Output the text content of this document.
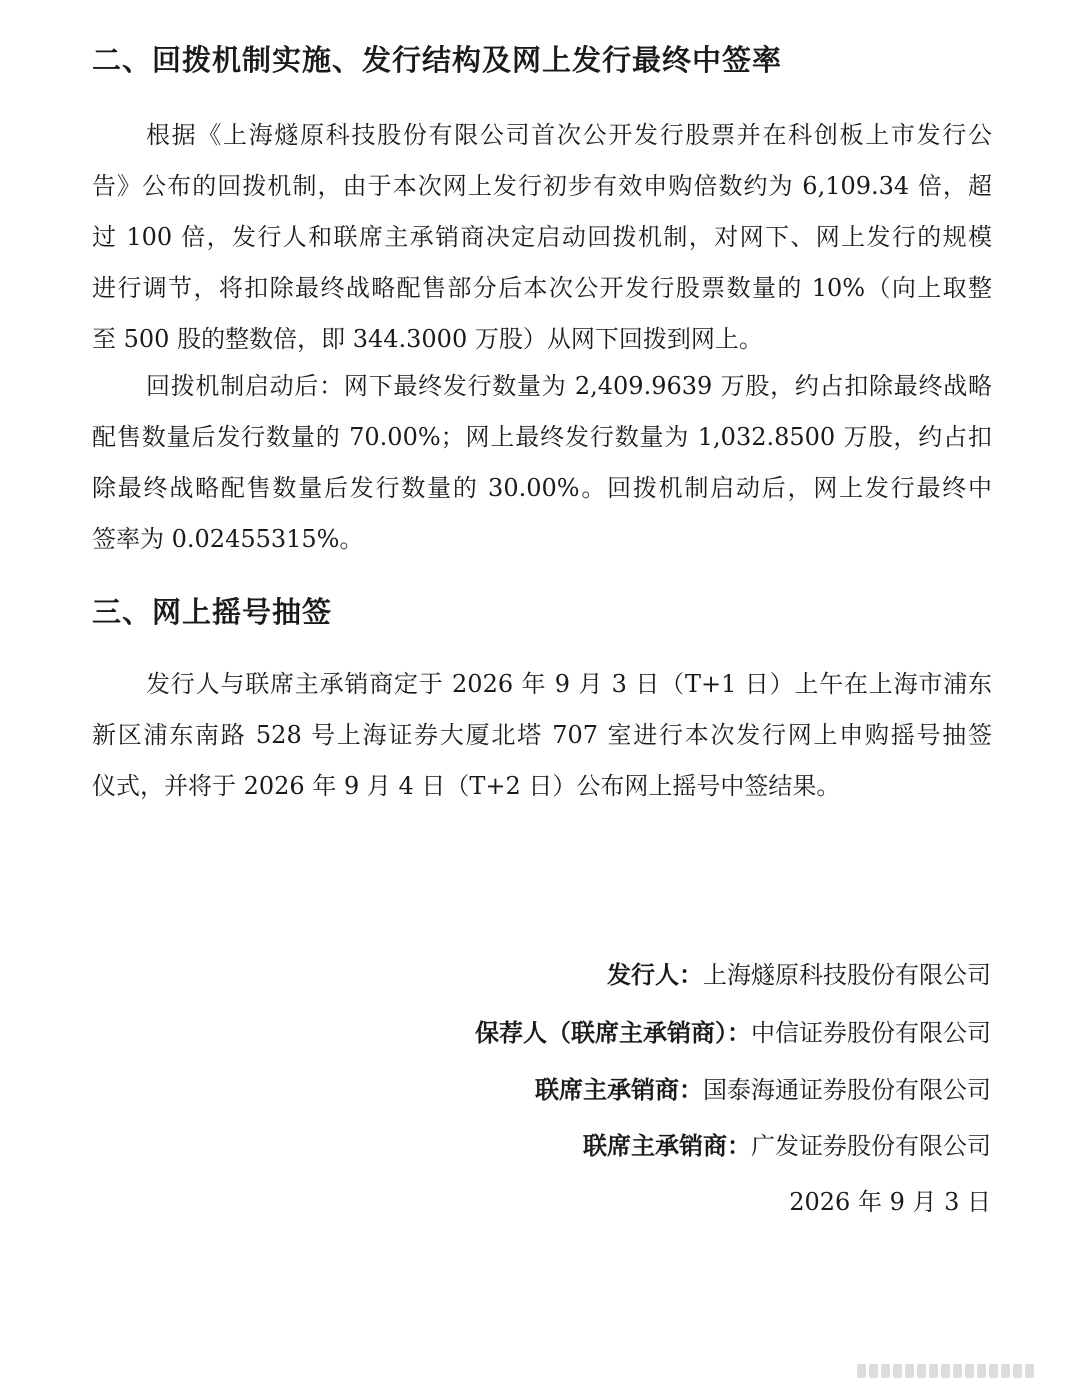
二、回拨机制实施、发行结构及网上发行最终中签率
根据《上海燧原科技股份有限公司首次公开发行股票并在科创板上市发行公
告》公布的回拨机制，由于本次网上发行初步有效申购倍数约为 6,109.34 倍，超
过 100 倍，发行人和联席主承销商决定启动回拨机制，对网下、网上发行的规模
进行调节，将扣除最终战略配售部分后本次公开发行股票数量的 10%（向上取整
至 500 股的整数倍，即 344.3000 万股）从网下回拨到网上。
回拨机制启动后：网下最终发行数量为 2,409.9639 万股，约占扣除最终战略
配售数量后发行数量的 70.00%；网上最终发行数量为 1,032.8500 万股，约占扣
除最终战略配售数量后发行数量的 30.00%。回拨机制启动后，网上发行最终中
签率为 0.02455315%。
三、网上摇号抽签
发行人与联席主承销商定于 2026 年 9 月 3 日（T+1 日）上午在上海市浦东
新区浦东南路 528 号上海证券大厦北塔 707 室进行本次发行网上申购摇号抽签
仪式，并将于 2026 年 9 月 4 日（T+2 日）公布网上摇号中签结果。
发行人：上海燧原科技股份有限公司
保荐人（联席主承销商）：中信证券股份有限公司
联席主承销商：国泰海通证券股份有限公司
联席主承销商：广发证券股份有限公司
2026 年 9 月 3 日
